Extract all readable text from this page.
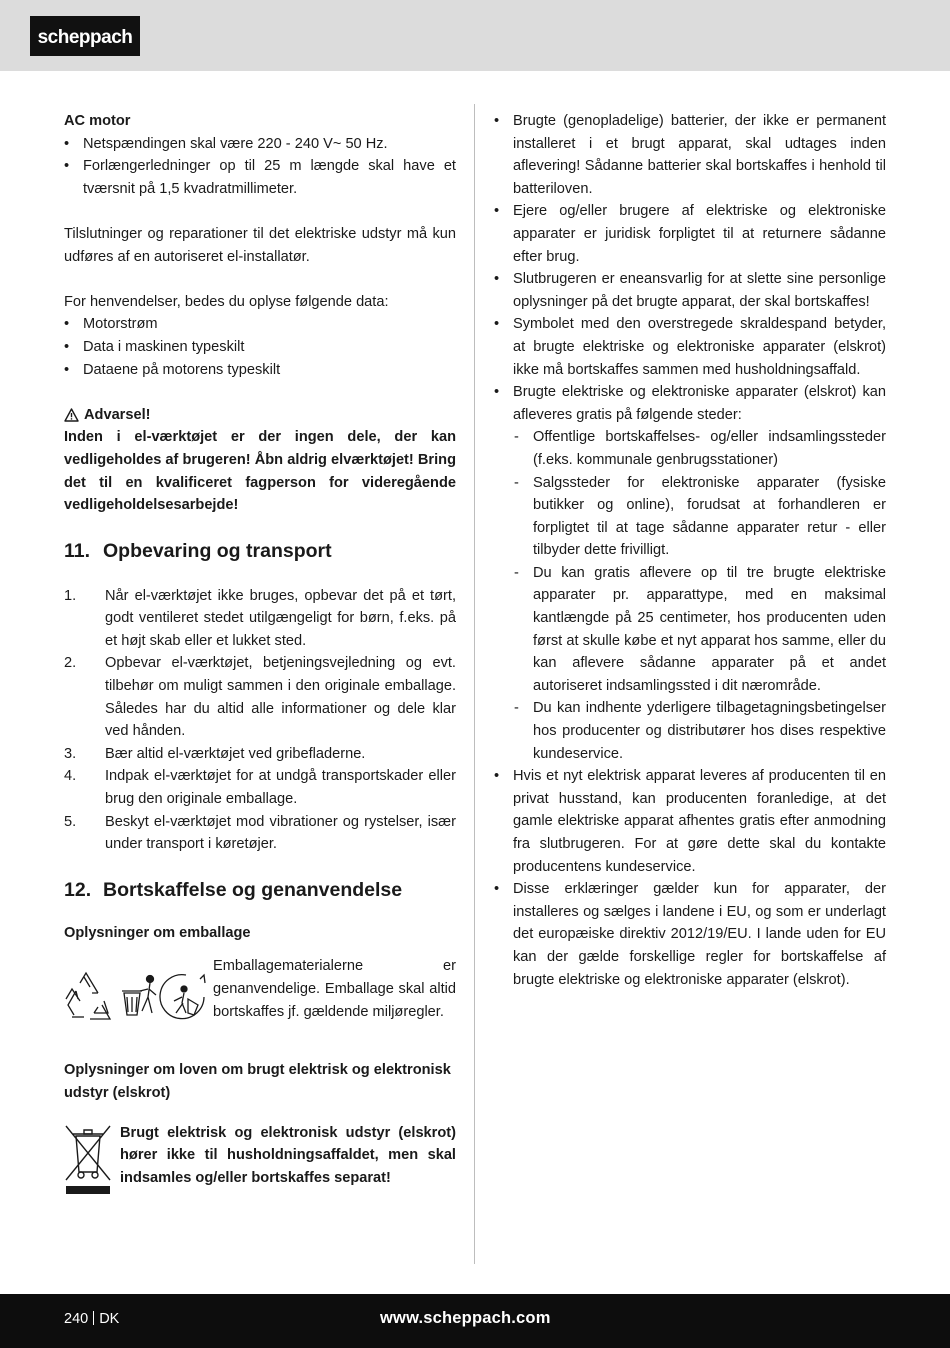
scheppach

AC motor

• Netspændingen skal være 220 - 240 V~ 50 Hz.
• Forlængerledninger op til 25 m længde skal have et tværsnit på 1,5 kvadratmillimeter.

Tilslutninger og reparationer til det elektriske udstyr må kun udføres af en autoriseret el-installatør.

For henvendelser, bedes du oplyse følgende data:

• Motorstrøm
• Data i maskinen typeskilt
• Dataene på motorens typeskilt
Advarsel!

Inden i el-værktøjet er der ingen dele, der kan vedligeholdes af brugeren! Åbn aldrig elværktøjet! Bring det til en kvalificeret fagperson for videregående vedligeholdelsesarbejde!

11. Opbevaring og transport
1. Når el-værktøjet ikke bruges, opbevar det på et tørt, godt ventileret stedet utilgængeligt for børn, f.eks. på et højt skab eller et lukket sted.
2. Opbevar el-værktøjet, betjeningsvejledning og evt. tilbehør om muligt sammen i den originale emballage. Således har du altid alle informationer og dele klar ved hånden.
3. Bær altid el-værktøjet ved gribefladerne.
4. Indpak el-værktøjet for at undgå transportskader eller brug den originale emballage.
5. Beskyt el-værktøjet mod vibrationer og rystelser, især under transport i køretøjer.
12. Bortskaffelse og genanvendelse

Oplysninger om emballage

Emballagematerialerne er genanvendelige. Emballage skal altid bortskaffes jf. gældende miljøregler.

Oplysninger om loven om brugt elektrisk og elektronisk udstyr (elskrot)

Brugt elektrisk og elektronisk udstyr (elskrot) hører ikke til husholdningsaffaldet, men skal indsamles og/eller bortskaffes separat!

• Brugte (genopladelige) batterier, der ikke er permanent installeret i et brugt apparat, skal udtages inden aflevering! Sådanne batterier skal bortskaffes i henhold til batteriloven.
• Ejere og/eller brugere af elektriske og elektroniske apparater er juridisk forpligtet til at returnere sådanne efter brug.
• Slutbrugeren er eneansvarlig for at slette sine personlige oplysninger på det brugte apparat, der skal bortskaffes!
• Symbolet med den overstregede skraldespand betyder, at brugte elektriske og elektroniske apparater (elskrot) ikke må bortskaffes sammen med husholdningsaffald.
• Brugte elektriske og elektroniske apparater (elskrot) kan afleveres gratis på følgende steder:
- Offentlige bortskaffelses- og/eller indsamlingssteder (f.eks. kommunale genbrugsstationer)
- Salgssteder for elektroniske apparater (fysiske butikker og online), forudsat at forhandleren er forpligtet til at tage sådanne apparater retur - eller tilbyder dette frivilligt.
- Du kan gratis aflevere op til tre brugte elektriske apparater pr. apparattype, med en maksimal kantlængde på 25 centimeter, hos producenten uden først at skulle købe et nyt apparat hos samme, eller du kan aflevere sådanne apparater på et andet autoriseret indsamlingssted i dit nærområde.
- Du kan indhente yderligere tilbagetagningsbetingelser hos producenter og distributører hos dises respektive kundeservice.
• Hvis et nyt elektrisk apparat leveres af producenten til en privat husstand, kan producenten foranledige, at det gamle elektriske apparat afhentes gratis efter anmodning fra slutbrugeren. For at gøre dette skal du kontakte producentens kundeservice.
• Disse erklæringer gælder kun for apparater, der installeres og sælges i landene i EU, og som er underlagt det europæiske direktiv 2012/19/EU. I lande uden for EU kan der gælde forskellige regler for bortskaffelse af brugte elektriske og elektroniske apparater (elskrot).
240 DK	www.scheppach.com
